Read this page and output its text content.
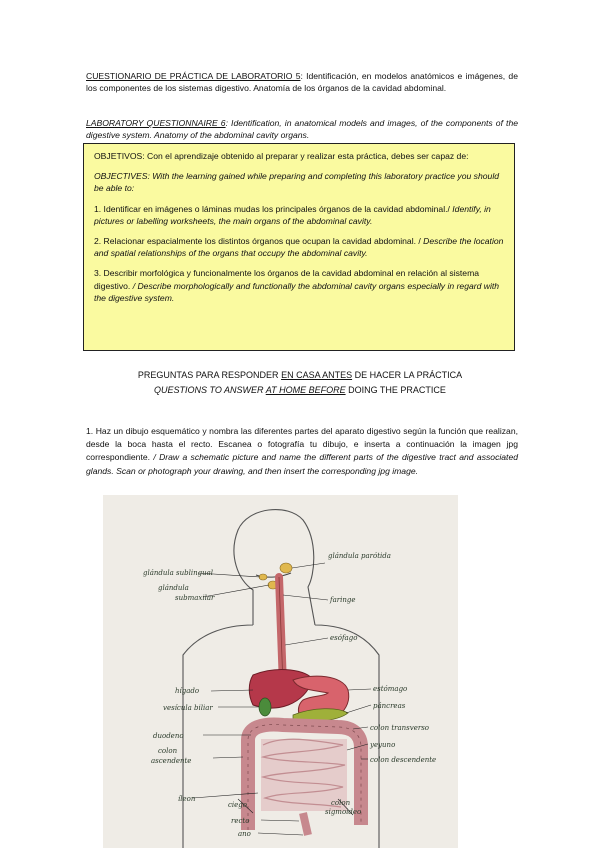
CUESTIONARIO DE PRÁCTICA DE LABORATORIO 5: Identificación, en modelos anatómicos e imágenes, de los componentes de los sistemas digestivo. Anatomía de los órganos de la cavidad abdominal.
LABORATORY QUESTIONNAIRE 6: Identification, in anatomical models and images, of the components of the digestive system. Anatomy of the abdominal cavity organs.

OBJETIVOS: Con el aprendizaje obtenido al preparar y realizar esta práctica, debes ser capaz de:

OBJECTIVES: With the learning gained while preparing and completing this laboratory practice you should be able to:

1. Identificar en imágenes o láminas mudas los principales órganos de la cavidad abdominal./ Identify, in pictures or labelling worksheets, the main organs of the abdominal cavity.

2. Relacionar espacialmente los distintos órganos que ocupan la cavidad abdominal. / Describe the location and spatial relationships of the organs that occupy the abdominal cavity.

3. Describir morfológica y funcionalmente los órganos de la cavidad abdominal en relación al sistema digestivo. / Describe morphologically and functionally the abdominal cavity organs especially in regard with the digestive system.

PREGUNTAS PARA RESPONDER EN CASA ANTES DE HACER LA PRÁCTICA QUESTIONS TO ANSWER AT HOME BEFORE DOING THE PRACTICE
1. Haz un dibujo esquemático y nombra las diferentes partes del aparato digestivo según la función que realizan, desde la boca hasta el recto. Escanea o fotografía tu dibujo, e inserta a continuación la imagen jpg correspondiente. / Draw a schematic picture and name the different parts of the digestive tract and associated glands. Scan or photograph your drawing, and then insert the corresponding jpg image.
glándula sublingual
glándula parótida
glándula
submaxilar	faringe
esófago
hígado
vesícula biliar
estómago
páncreas
colon transverso
duodeno
colon
ascendente
yeyuno
colon descendente
íleon
ciego	colon
sigmoideo
recto
ano
